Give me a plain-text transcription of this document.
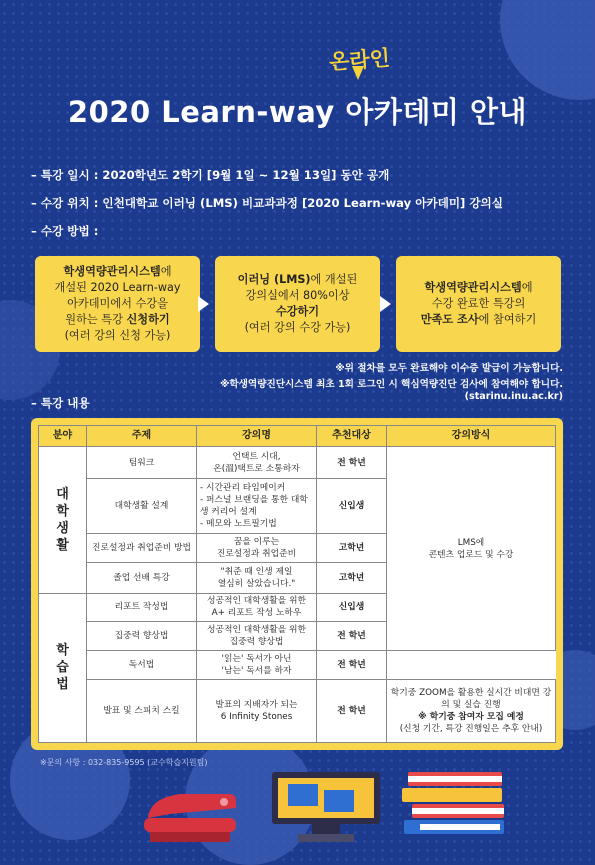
온라인
2020 Learn-way 아카데미 안내
– 특강 일시 : 2020학년도 2학기 [9월 1일 ~ 12월 13일] 동안 공개
– 수강 위치 : 인천대학교 이러닝 (LMS) 비교과과정 [2020 Learn-way 아카데미] 강의실
– 수강 방법 :
학생역량관리시스템에
개설된 2020 Learn-way
아카데미에서 수강을
원하는 특강 신청하기
(여러 강의 신청 가능)
이러닝 (LMS)에 개설된
강의실에서 80%이상
수강하기
(여러 강의 수강 가능)
학생역량관리시스템에
수강 완료한 특강의
만족도 조사에 참여하기
※위 절차를 모두 완료해야 이수증 발급이 가능합니다.
※학생역량진단시스템 최초 1회 로그인 시 핵심역량진단 검사에 참여해야 합니다.
(starinu.inu.ac.kr)
– 특강 내용
분야	주제	강의명	추천대상	강의방식
대학생활	팀워크	언택트 시대,
온(溫)택트로 소통하자	전 학년	LMS에
콘텐츠 업로드 및 수강
	대학생활 설계	- 시간관리 타임메이커
- 퍼스널 브랜딩을 통한 대학생 커리어 설계
- 메모와 노트필기법	신입생	
	진로설정과 취업준비 방법	꿈을 이루는
진로설정과 취업준비	고학년	
	졸업 선배 특강	"취준 때 인생 제일
열심히 살았습니다."	고학년	
학습법	리포트 작성법	성공적인 대학생활을 위한
A+ 리포트 작성 노하우	신입생	
	집중력 향상법	성공적인 대학생활을 위한
집중력 향상법	전 학년	
	독서법	'읽는' 독서가 아닌
'남는' 독서를 하자	전 학년	
	발표 및 스피치 스킬	발표의 지배자가 되는
6 Infinity Stones	전 학년	학기중 ZOOM을 활용한 실시간 비대면 강의 및 실습 진행
※ 학기중 참여자 모집 예정
(신청 기간, 특강 진행일은 추후 안내)
※문의 사항 : 032-835-9595 (교수학습지원팀)
